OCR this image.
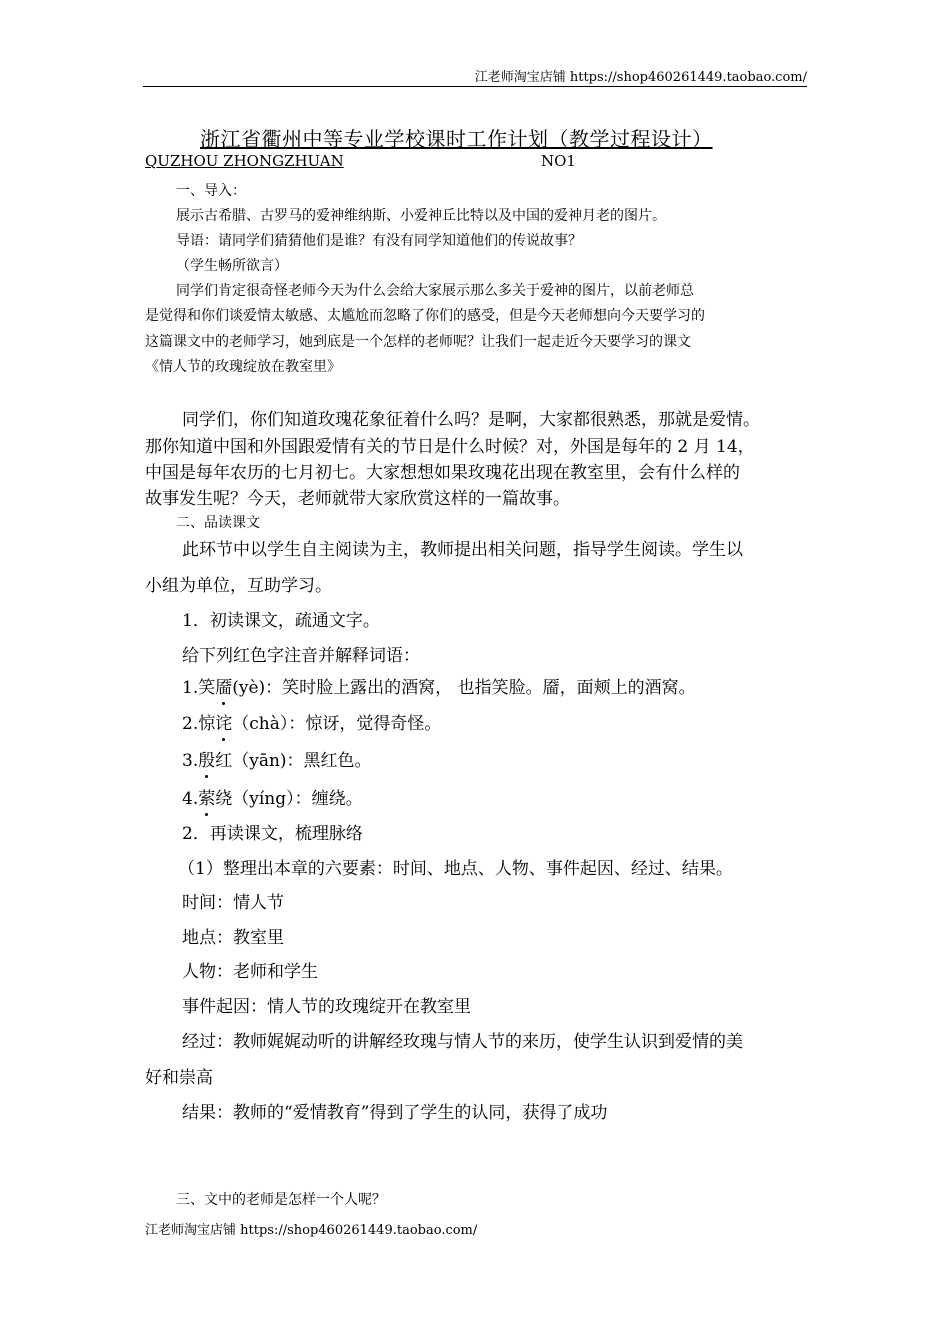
江老师淘宝店铺 https://shop460261449.taobao.com/
浙江省衢州中等专业学校课时工作计划（教学过程设计）
QUZHOU ZHONGZHUAN	NO1
一、导入：
展示古希腊、古罗马的爱神维纳斯、小爱神丘比特以及中国的爱神月老的图片。
导语：请同学们猜猜他们是谁？有没有同学知道他们的传说故事？
（学生畅所欲言）
同学们肯定很奇怪老师今天为什么会给大家展示那么多关于爱神的图片，以前老师总
是觉得和你们谈爱情太敏感、太尴尬而忽略了你们的感受，但是今天老师想向今天要学习的
这篇课文中的老师学习，她到底是一个怎样的老师呢？让我们一起走近今天要学习的课文
《情人节的玫瑰绽放在教室里》
同学们，你们知道玫瑰花象征着什么吗？是啊，大家都很熟悉，那就是爱情。
那你知道中国和外国跟爱情有关的节日是什么时候？对，外国是每年的 2 月 14，
中国是每年农历的七月初七。大家想想如果玫瑰花出现在教室里，会有什么样的
故事发生呢？今天，老师就带大家欣赏这样的一篇故事。
二、品读课文
此环节中以学生自主阅读为主，教师提出相关问题，指导学生阅读。学生以
小组为单位，互助学习。
1．初读课文，疏通文字。
给下列红色字注音并解释词语：
1.笑靥(yè)：笑时脸上露出的酒窝， 也指笑脸。靥，面颊上的酒窝。
2.惊诧（chà）：惊讶，觉得奇怪。
3.殷红（yān)：黑红色。
4.萦绕（yíng）：缠绕。
2．再读课文，梳理脉络
（1）整理出本章的六要素：时间、地点、人物、事件起因、经过、结果。
时间：情人节
地点：教室里
人物：老师和学生
事件起因：情人节的玫瑰绽开在教室里
经过：教师娓娓动听的讲解经玫瑰与情人节的来历，使学生认识到爱情的美
好和崇高
结果：教师的“爱情教育”得到了学生的认同，获得了成功
三、文中的老师是怎样一个人呢？
江老师淘宝店铺 https://shop460261449.taobao.com/
